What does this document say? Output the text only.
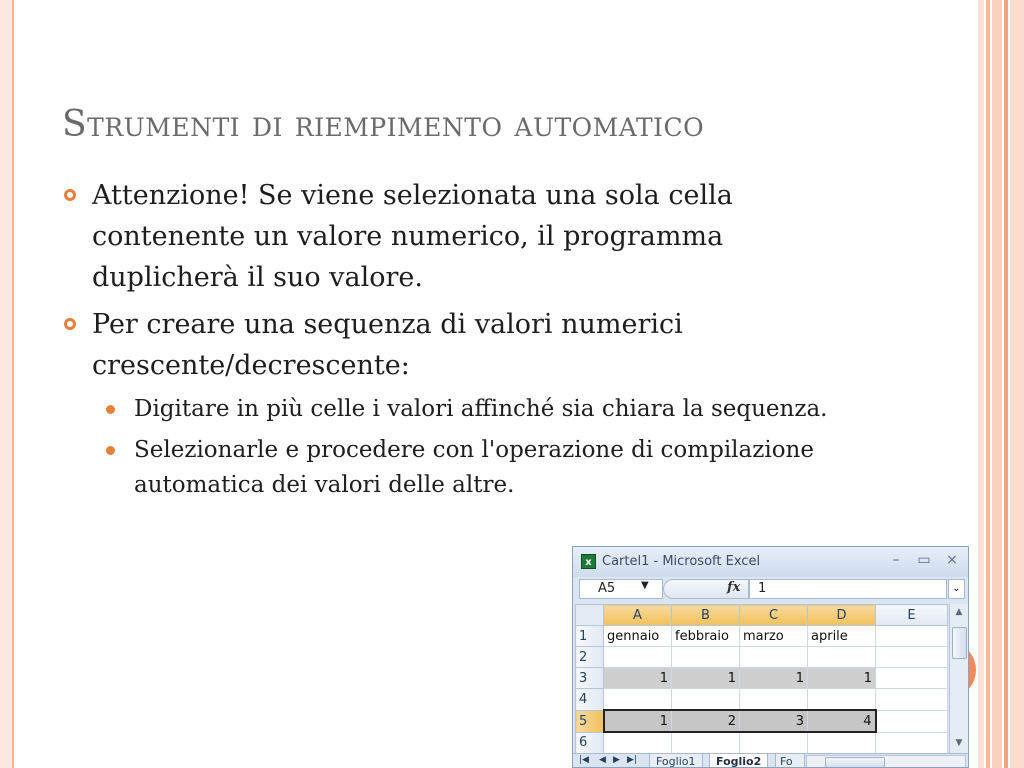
Strumenti di riempimento automatico
Attenzione! Se viene selezionata una sola cella contenente un valore numerico, il programma duplicherà il suo valore.
Per creare una sequenza di valori numerici crescente/decrescente:
Digitare in più celle i valori affinché sia chiara la sequenza.
Selezionarle e procedere con l'operazione di compilazione automatica dei valori delle altre.
x Cartel1 - Microsoft Excel	–	▭ ×
A5	▼	fx	1	⌄
	A	B	C	D	E
1	gennaio	febbraio	marzo	aprile	
2					
3	1	1	1	1	
4					
5	1	2	3	4	
6					
▲
▼
|◀ ◀ ▶ ▶|	Foglio1	Foglio2	Fo
